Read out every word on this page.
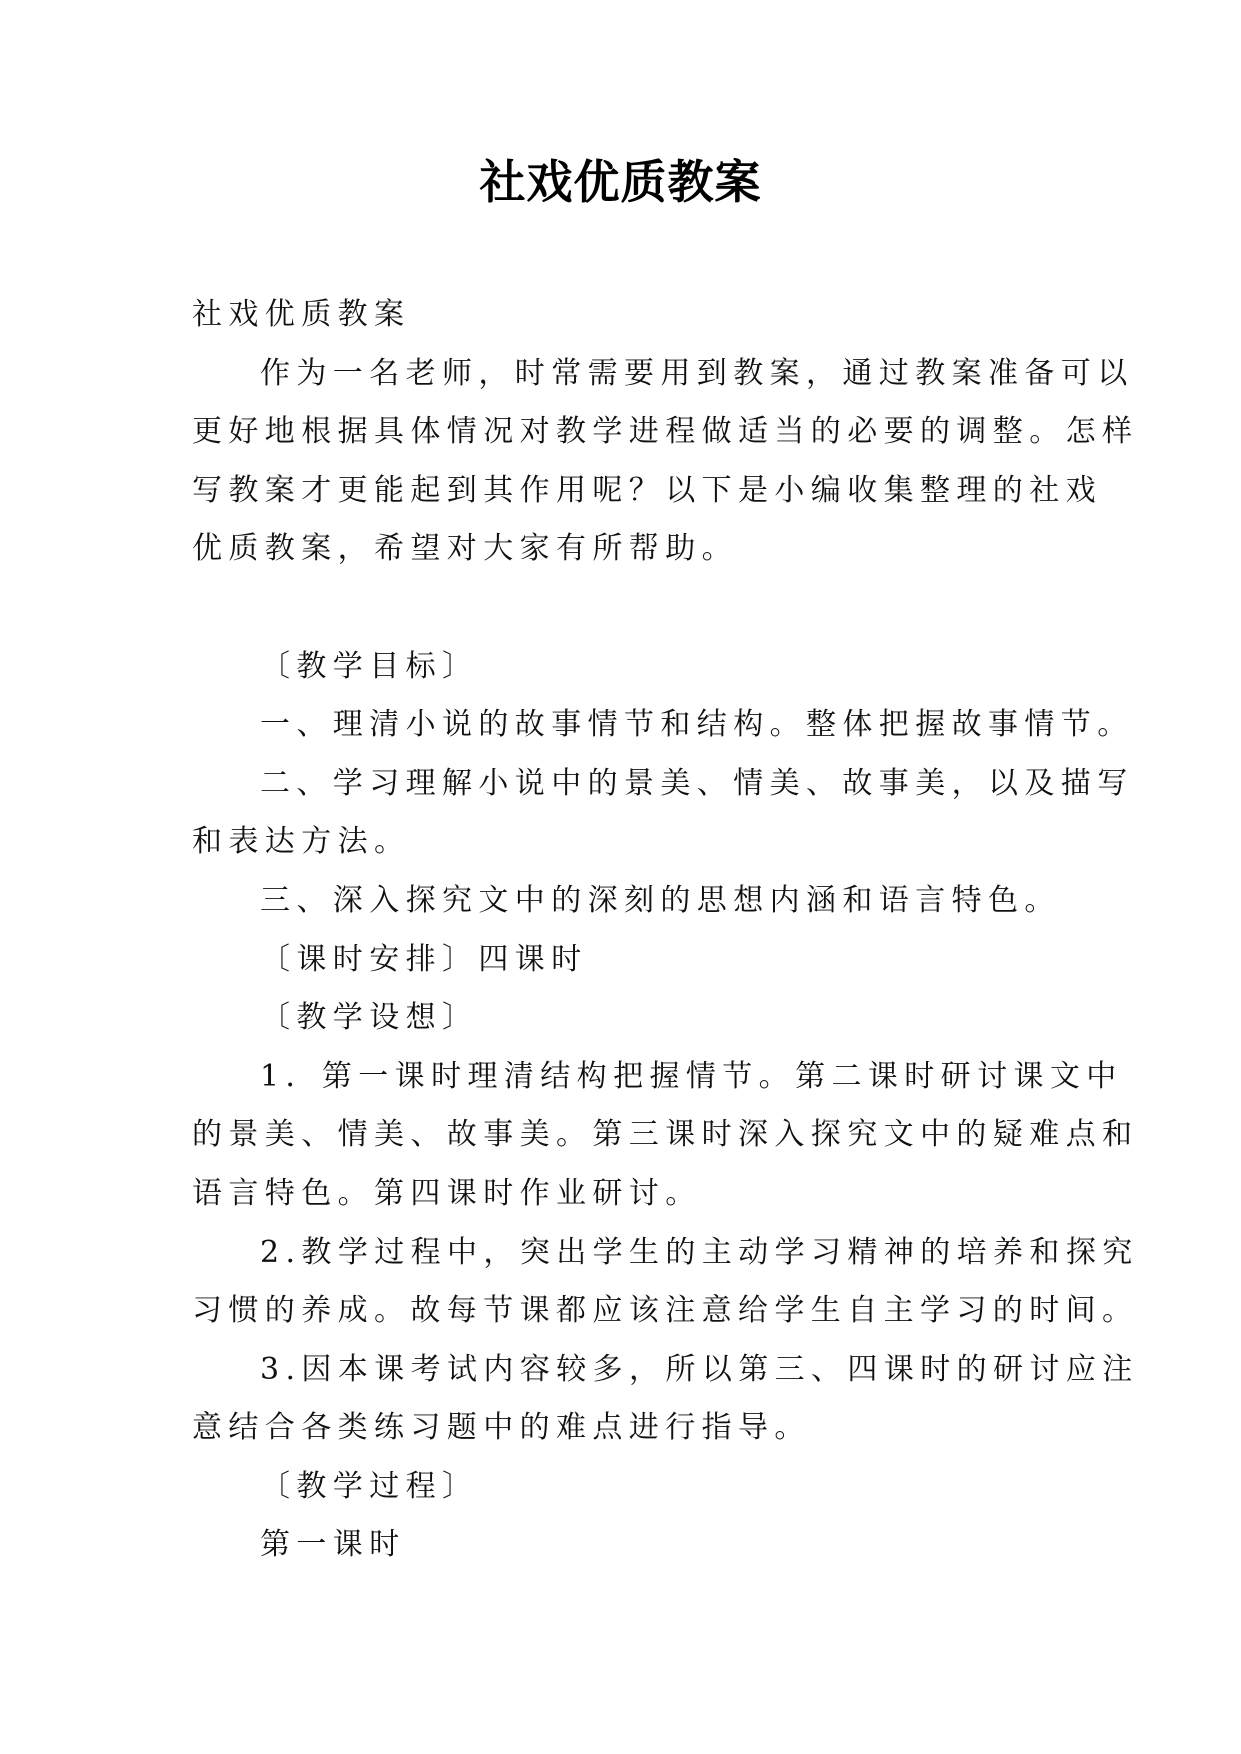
社戏优质教案

社戏优质教案

作为一名老师，时常需要用到教案，通过教案准备可以

更好地根据具体情况对教学进程做适当的必要的调整。怎样

写教案才更能起到其作用呢？以下是小编收集整理的社戏

优质教案，希望对大家有所帮助。

〔教学目标〕

一、理清小说的故事情节和结构。整体把握故事情节。

二、学习理解小说中的景美、情美、故事美，以及描写

和表达方法。

三、深入探究文中的深刻的思想内涵和语言特色。

〔课时安排〕四课时

〔教学设想〕

1．第一课时理清结构把握情节。第二课时研讨课文中

的景美、情美、故事美。第三课时深入探究文中的疑难点和

语言特色。第四课时作业研讨。

2.教学过程中，突出学生的主动学习精神的培养和探究

习惯的养成。故每节课都应该注意给学生自主学习的时间。

3.因本课考试内容较多，所以第三、四课时的研讨应注

意结合各类练习题中的难点进行指导。

〔教学过程〕

第一课时
